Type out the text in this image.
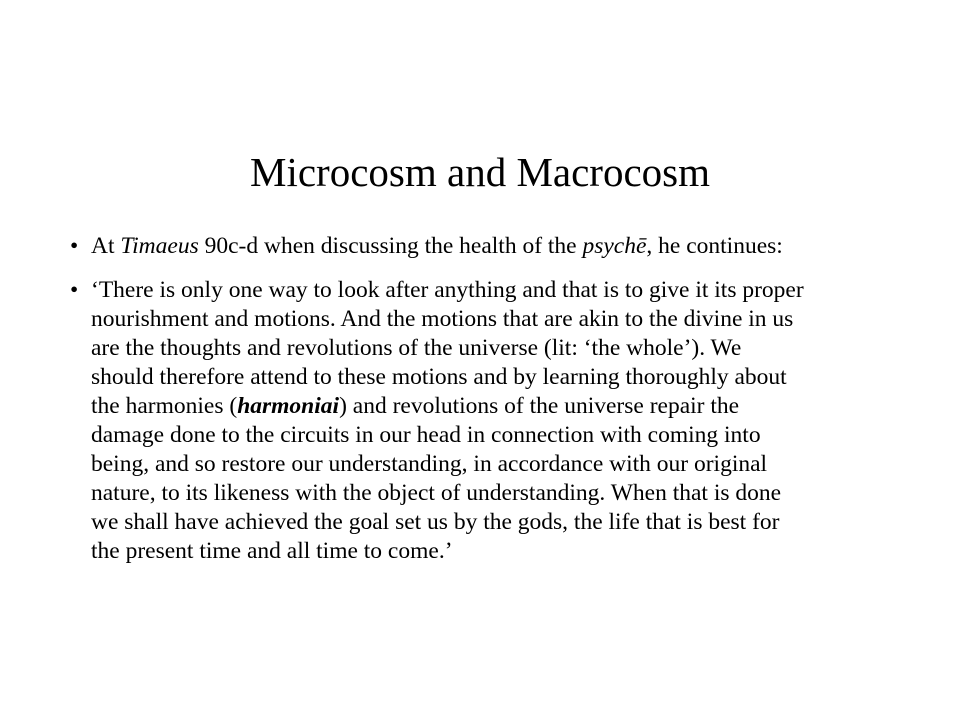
Microcosm and Macrocosm
• At Timaeus 90c-d when discussing the health of the psychē, he continues:
• ‘There is only one way to look after anything and that is to give it its proper
nourishment and motions. And the motions that are akin to the divine in us
are the thoughts and revolutions of the universe (lit: ‘the whole’). We
should therefore attend to these motions and by learning thoroughly about
the harmonies (harmoniai) and revolutions of the universe repair the
damage done to the circuits in our head in connection with coming into
being, and so restore our understanding, in accordance with our original
nature, to its likeness with the object of understanding. When that is done
we shall have achieved the goal set us by the gods, the life that is best for
the present time and all time to come.’
